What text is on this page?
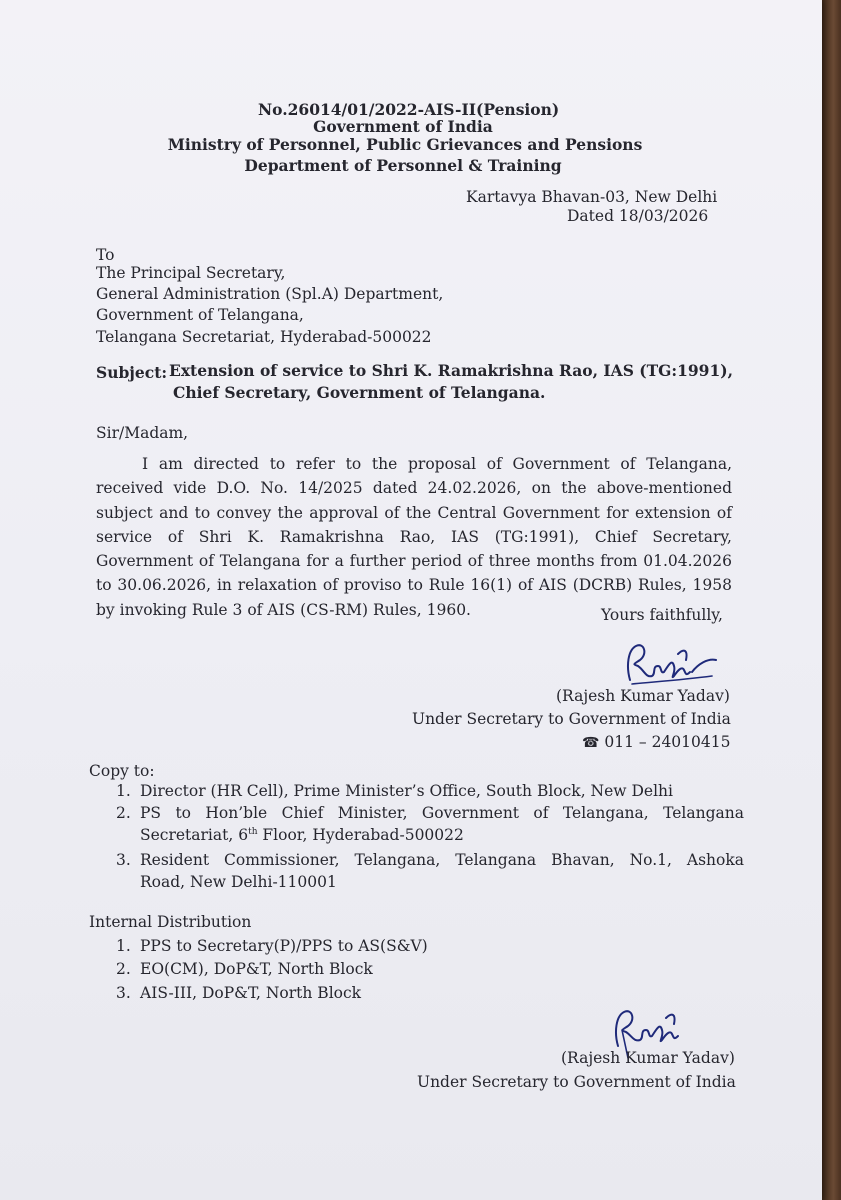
No.26014/01/2022-AIS-II(Pension)
Government of India
Ministry of Personnel, Public Grievances and Pensions
Department of Personnel & Training
Kartavya Bhavan-03, New Delhi
Dated 18/03/2026
To
The Principal Secretary,
General Administration (Spl.A) Department,
Government of Telangana,
Telangana Secretariat, Hyderabad-500022
Subject: Extension of service to Shri K. Ramakrishna Rao, IAS (TG:1991),
Chief Secretary, Government of Telangana.
Sir/Madam,
I am directed to refer to the proposal of Government of Telangana, received vide D.O. No. 14/2025 dated 24.02.2026, on the above-mentioned subject and to convey the approval of the Central Government for extension of service of Shri K. Ramakrishna Rao, IAS (TG:1991), Chief Secretary, Government of Telangana for a further period of three months from 01.04.2026 to 30.06.2026, in relaxation of proviso to Rule 16(1) of AIS (DCRB) Rules, 1958 by invoking Rule 3 of AIS (CS-RM) Rules, 1960.	Yours faithfully,
(Rajesh Kumar Yadav)
Under Secretary to Government of India
☎ 011 – 24010415
Copy to:
1. Director (HR Cell), Prime Minister’s Office, South Block, New Delhi
2. PS to Hon’ble Chief Minister, Government of Telangana, Telangana
Secretariat, 6th Floor, Hyderabad-500022
3. Resident Commissioner, Telangana, Telangana Bhavan, No.1, Ashoka
Road, New Delhi-110001
Internal Distribution
1. PPS to Secretary(P)/PPS to AS(S&V)
2. EO(CM), DoP&T, North Block
3. AIS-III, DoP&T, North Block
(Rajesh Kumar Yadav)
Under Secretary to Government of India
